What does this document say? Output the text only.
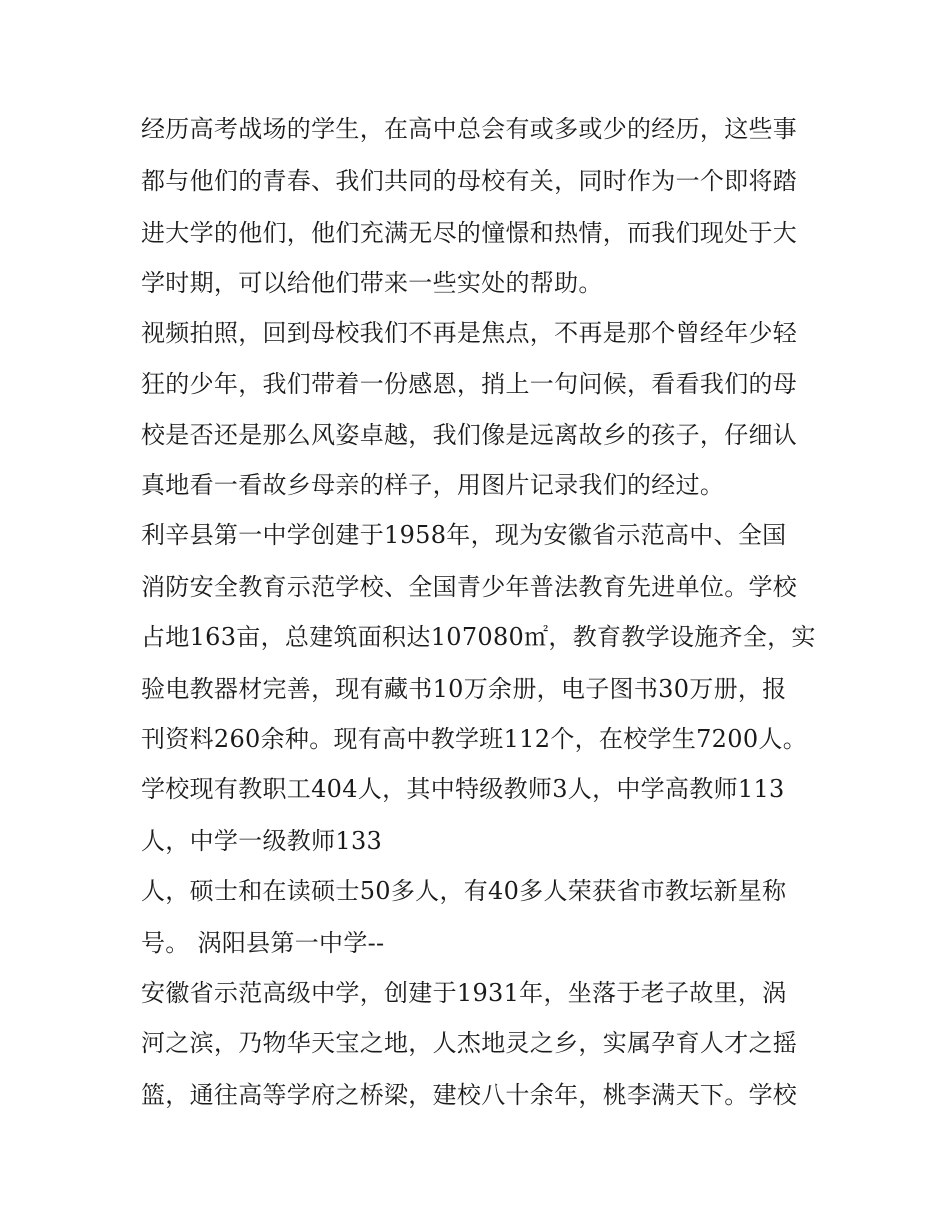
经历高考战场的学生，在高中总会有或多或少的经历，这些事
都与他们的青春、我们共同的母校有关，同时作为一个即将踏
进大学的他们，他们充满无尽的憧憬和热情，而我们现处于大
学时期，可以给他们带来一些实处的帮助。
视频拍照，回到母校我们不再是焦点，不再是那个曾经年少轻
狂的少年，我们带着一份感恩，捎上一句问候，看看我们的母
校是否还是那么风姿卓越，我们像是远离故乡的孩子，仔细认
真地看一看故乡母亲的样子，用图片记录我们的经过。
利辛县第一中学创建于1958年，现为安徽省示范高中、全国
消防安全教育示范学校、全国青少年普法教育先进单位。学校
占地163亩，总建筑面积达107080㎡，教育教学设施齐全，实
验电教器材完善，现有藏书10万余册，电子图书30万册，报
刊资料260余种。现有高中教学班112个，在校学生7200人。
学校现有教职工404人，其中特级教师3人，中学高教师113
人，中学一级教师133
人，硕士和在读硕士50多人，有40多人荣获省市教坛新星称
号。 涡阳县第一中学--
安徽省示范高级中学，创建于1931年，坐落于老子故里，涡
河之滨，乃物华天宝之地，人杰地灵之乡，实属孕育人才之摇
篮，通往高等学府之桥梁，建校八十余年，桃李满天下。学校
